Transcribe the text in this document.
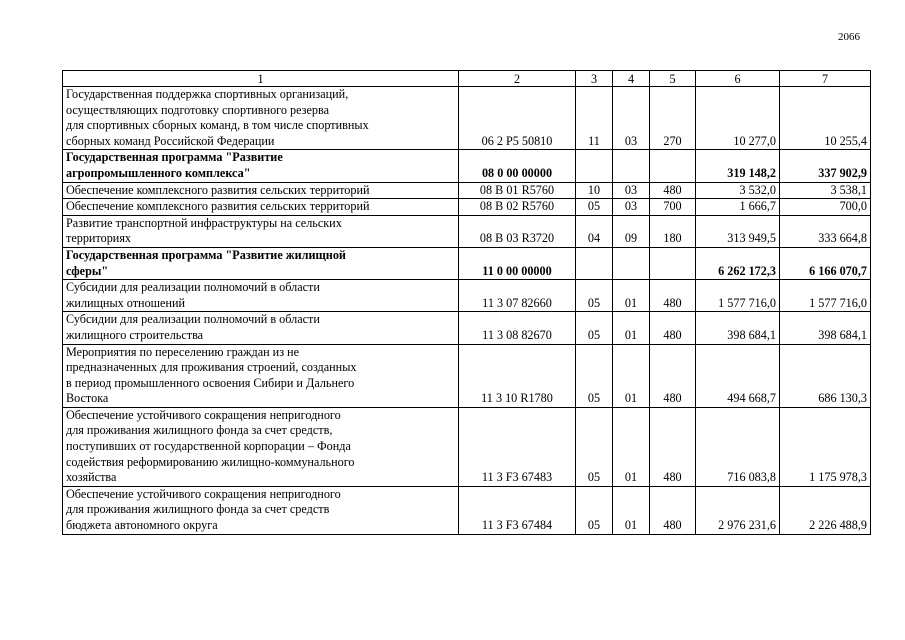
2066
1	2	3	4	5	6	7
Государственная поддержка спортивных организаций,
осуществляющих подготовку спортивного резерва
для спортивных сборных команд, в том числе спортивных
сборных команд Российской Федерации	06 2 P5 50810	11	03	270	10 277,0	10 255,4
Государственная программа "Развитие
агропромышленного комплекса"	08 0 00 00000				319 148,2	337 902,9
Обеспечение комплексного развития сельских территорий	08 В 01 R5760	10	03	480	3 532,0	3 538,1
Обеспечение комплексного развития сельских территорий	08 В 02 R5760	05	03	700	1 666,7	700,0
Развитие транспортной инфраструктуры на сельских
территориях	08 В 03 R3720	04	09	180	313 949,5	333 664,8
Государственная программа "Развитие жилищной
сферы"	11 0 00 00000				6 262 172,3	6 166 070,7
Субсидии для реализации полномочий в области
жилищных отношений	11 3 07 82660	05	01	480	1 577 716,0	1 577 716,0
Субсидии для реализации полномочий в области
жилищного строительства	11 3 08 82670	05	01	480	398 684,1	398 684,1
Мероприятия по переселению граждан из не
предназначенных для проживания строений, созданных
в период промышленного освоения Сибири и Дальнего
Востока	11 3 10 R1780	05	01	480	494 668,7	686 130,3
Обеспечение устойчивого сокращения непригодного
для проживания жилищного фонда за счет средств,
поступивших от государственной корпорации – Фонда
содействия реформированию жилищно-коммунального
хозяйства	11 3 F3 67483	05	01	480	716 083,8	1 175 978,3
Обеспечение устойчивого сокращения непригодного
для проживания жилищного фонда за счет средств
бюджета автономного округа	11 3 F3 67484	05	01	480	2 976 231,6	2 226 488,9
